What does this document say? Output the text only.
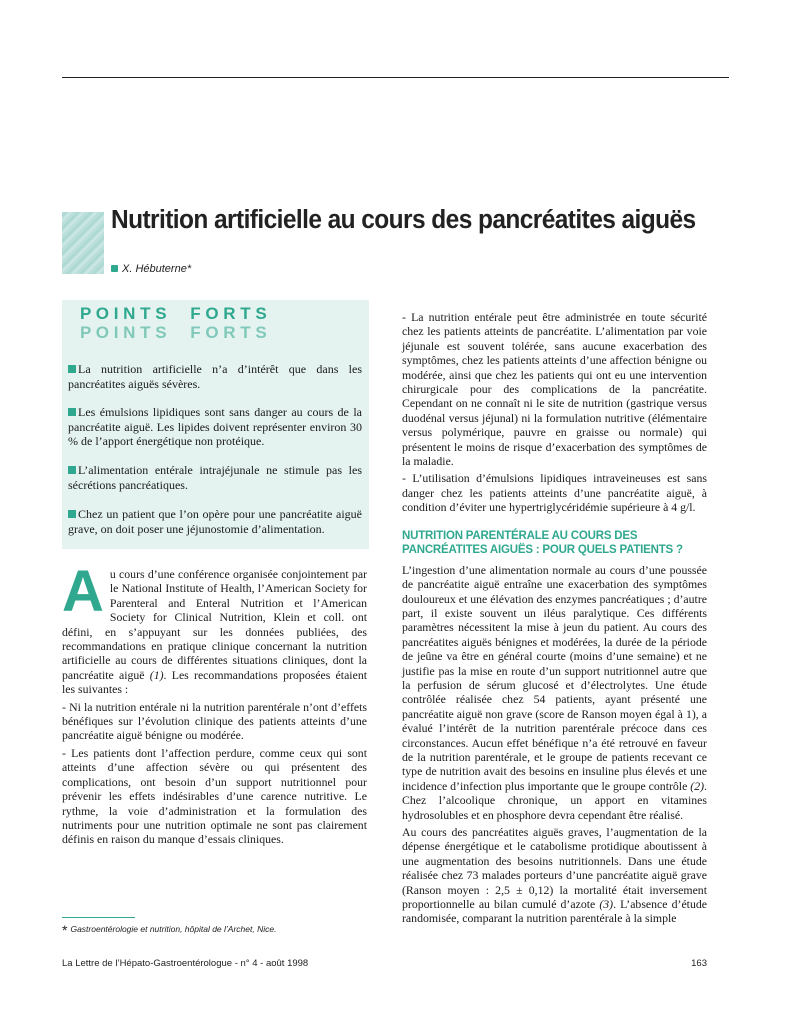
Nutrition artificielle au cours des pancréatites aiguës
X. Hébuterne*
P O I N T S     F O R T S
P O I N T S     F O R T S
La nutrition artificielle n’a d’intérêt que dans les pancréatites aiguës sévères.
Les émulsions lipidiques sont sans danger au cours de la pancréatite aiguë. Les lipides doivent représenter environ 30 % de l’apport énergétique non protéique.
L’alimentation entérale intrajéjunale ne stimule pas les sécrétions pancréatiques.
Chez un patient que l’on opère pour une pancréatite aiguë grave, on doit poser une jéjunostomie d’alimentation.

Au cours d’une conférence organisée conjointement par le National Institute of Health, l’American Society for Parenteral and Enteral Nutrition et l’American Society for Clinical Nutrition, Klein et coll. ont défini, en s’appuyant sur les données publiées, des recommandations en pratique clinique concernant la nutrition artificielle au cours de différentes situations cliniques, dont la pancréatite aiguë (1). Les recommandations proposées étaient les suivantes :

- Ni la nutrition entérale ni la nutrition parentérale n’ont d’effets bénéfiques sur l’évolution clinique des patients atteints d’une pancréatite aiguë bénigne ou modérée.

- Les patients dont l’affection perdure, comme ceux qui sont atteints d’une affection sévère ou qui présentent des complications, ont besoin d’un support nutritionnel pour prévenir les effets indésirables d’une carence nutritive. Le rythme, la voie d’administration et la formulation des nutriments pour une nutrition optimale ne sont pas clairement définis en raison du manque d’essais cliniques.

- La nutrition entérale peut être administrée en toute sécurité chez les patients atteints de pancréatite. L’alimentation par voie jéjunale est souvent tolérée, sans aucune exacerbation des symptômes, chez les patients atteints d’une affection bénigne ou modérée, ainsi que chez les patients qui ont eu une intervention chirurgicale pour des complications de la pancréatite. Cependant on ne connaît ni le site de nutrition (gastrique versus duodénal versus jéjunal) ni la formulation nutritive (élémentaire versus polymérique, pauvre en graisse ou normale) qui présentent le moins de risque d’exacerbation des symptômes de la maladie.

- L’utilisation d’émulsions lipidiques intraveineuses est sans danger chez les patients atteints d’une pancréatite aiguë, à condition d’éviter une hypertriglycéridémie supérieure à 4 g/l.

NUTRITION PARENTÉRALE AU COURS DES PANCRÉATITES AIGUËS : POUR QUELS PATIENTS ?

L’ingestion d’une alimentation normale au cours d’une poussée de pancréatite aiguë entraîne une exacerbation des symptômes douloureux et une élévation des enzymes pancréatiques ; d’autre part, il existe souvent un iléus paralytique. Ces différents paramètres nécessitent la mise à jeun du patient. Au cours des pancréatites aiguës bénignes et modérées, la durée de la période de jeûne va être en général courte (moins d’une semaine) et ne justifie pas la mise en route d’un support nutritionnel autre que la perfusion de sérum glucosé et d’électrolytes. Une étude contrôlée réalisée chez 54 patients, ayant présenté une pancréatite aiguë non grave (score de Ranson moyen égal à 1), a évalué l’intérêt de la nutrition parentérale précoce dans ces circonstances. Aucun effet bénéfique n’a été retrouvé en faveur de la nutrition parentérale, et le groupe de patients recevant ce type de nutrition avait des besoins en insuline plus élevés et une incidence d’infection plus importante que le groupe contrôle (2). Chez l’alcoolique chronique, un apport en vitamines hydrosolubles et en phosphore devra cependant être réalisé.

Au cours des pancréatites aiguës graves, l’augmentation de la dépense énergétique et le catabolisme protidique aboutissent à une augmentation des besoins nutritionnels. Dans une étude réalisée chez 73 malades porteurs d’une pancréatite aiguë grave (Ranson moyen : 2,5 ± 0,12) la mortalité était inversement proportionnelle au bilan cumulé d’azote (3). L’absence d’étude randomisée, comparant la nutrition parentérale à la simple

* Gastroentérologie et nutrition, hôpital de l’Archet, Nice.
La Lettre de l’Hépato-Gastroentérologue - n° 4 - août 1998	163
